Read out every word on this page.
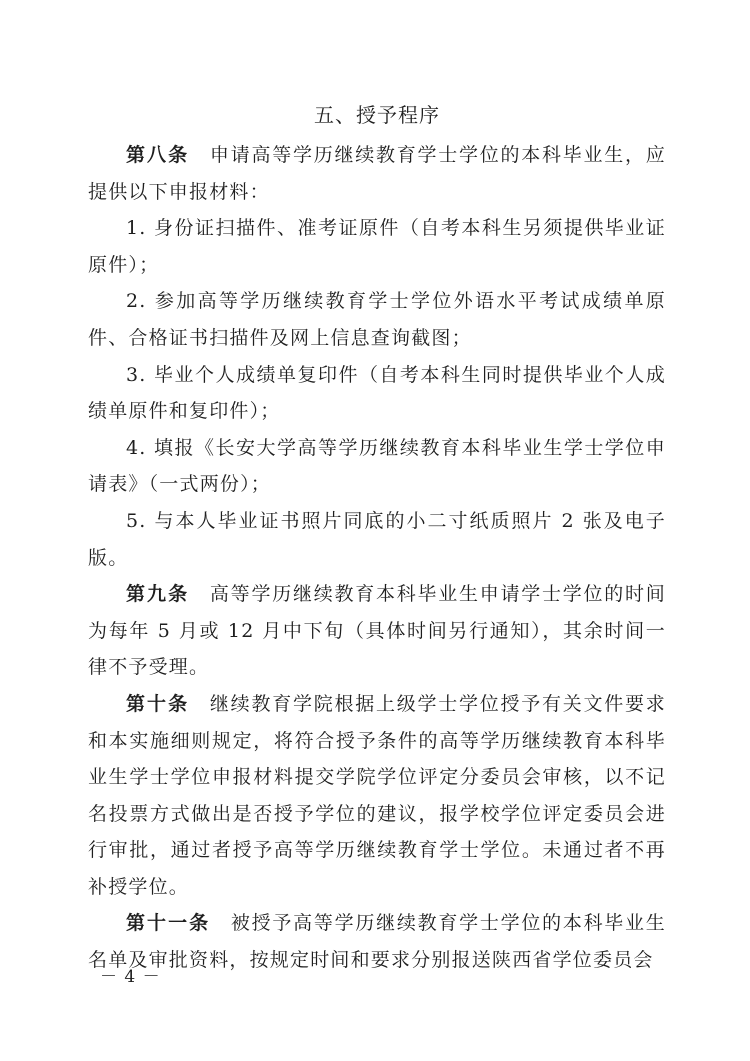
五、授予程序

第八条  申请高等学历继续教育学士学位的本科毕业生，应提供以下申报材料：

1. 身份证扫描件、准考证原件（自考本科生另须提供毕业证原件）；

2. 参加高等学历继续教育学士学位外语水平考试成绩单原件、合格证书扫描件及网上信息查询截图；

3. 毕业个人成绩单复印件（自考本科生同时提供毕业个人成绩单原件和复印件）；

4. 填报《长安大学高等学历继续教育本科毕业生学士学位申请表》（一式两份）；

5. 与本人毕业证书照片同底的小二寸纸质照片 2 张及电子版。

第九条  高等学历继续教育本科毕业生申请学士学位的时间为每年 5 月或 12 月中下旬（具体时间另行通知），其余时间一律不予受理。

第十条  继续教育学院根据上级学士学位授予有关文件要求和本实施细则规定，将符合授予条件的高等学历继续教育本科毕业生学士学位申报材料提交学院学位评定分委员会审核，以不记名投票方式做出是否授予学位的建议，报学校学位评定委员会进行审批，通过者授予高等学历继续教育学士学位。未通过者不再补授学位。

第十一条  被授予高等学历继续教育学士学位的本科毕业生名单及审批资料，按规定时间和要求分别报送陕西省学位委员会

－ 4 －
